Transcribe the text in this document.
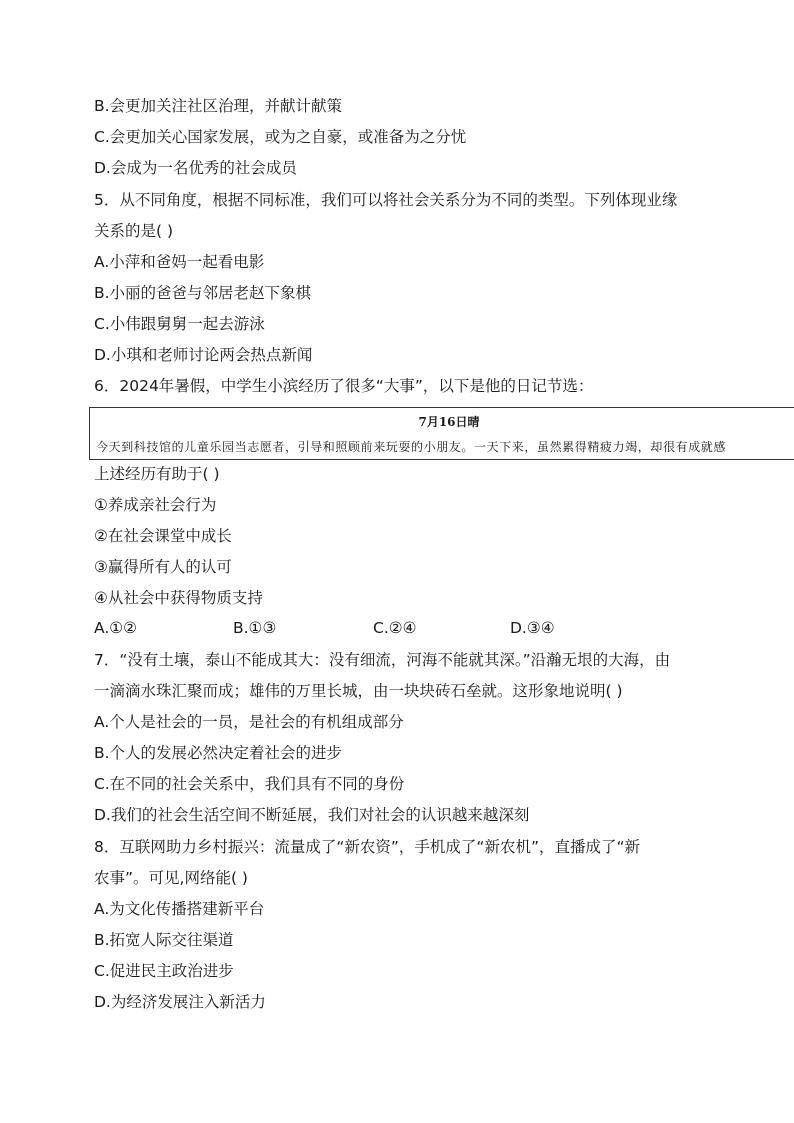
B.会更加关注社区治理，并献计献策
C.会更加关心国家发展，或为之自豪，或准备为之分忧
D.会成为一名优秀的社会成员
5．从不同角度，根据不同标准，我们可以将社会关系分为不同的类型。下列体现业缘
关系的是( )
A.小萍和爸妈一起看电影
B.小丽的爸爸与邻居老赵下象棋
C.小伟跟舅舅一起去游泳
D.小琪和老师讨论两会热点新闻
6．2024年暑假，中学生小滨经历了很多“大事”，以下是他的日记节选：
7月16日晴
今天到科技馆的儿童乐园当志愿者，引导和照顾前来玩耍的小朋友。一天下来，虽然累得精疲力竭，却很有成就感
上述经历有助于( )
①养成亲社会行为
②在社会课堂中成长
③赢得所有人的认可
④从社会中获得物质支持
A.①②	B.①③	C.②④	D.③④
7．“没有土壤，泰山不能成其大：没有细流，河海不能就其深。”沿瀚无垠的大海，由
一滴滴水珠汇聚而成；雄伟的万里长城，由一块块砖石垒就。这形象地说明( )
A.个人是社会的一员，是社会的有机组成部分
B.个人的发展必然决定着社会的进步
C.在不同的社会关系中，我们具有不同的身份
D.我们的社会生活空间不断延展，我们对社会的认识越来越深刻
8．互联网助力乡村振兴：流量成了“新农资”，手机成了“新农机”，直播成了“新
农事”。可见,网络能( )
A.为文化传播搭建新平台
B.拓宽人际交往渠道
C.促进民主政治进步
D.为经济发展注入新活力
